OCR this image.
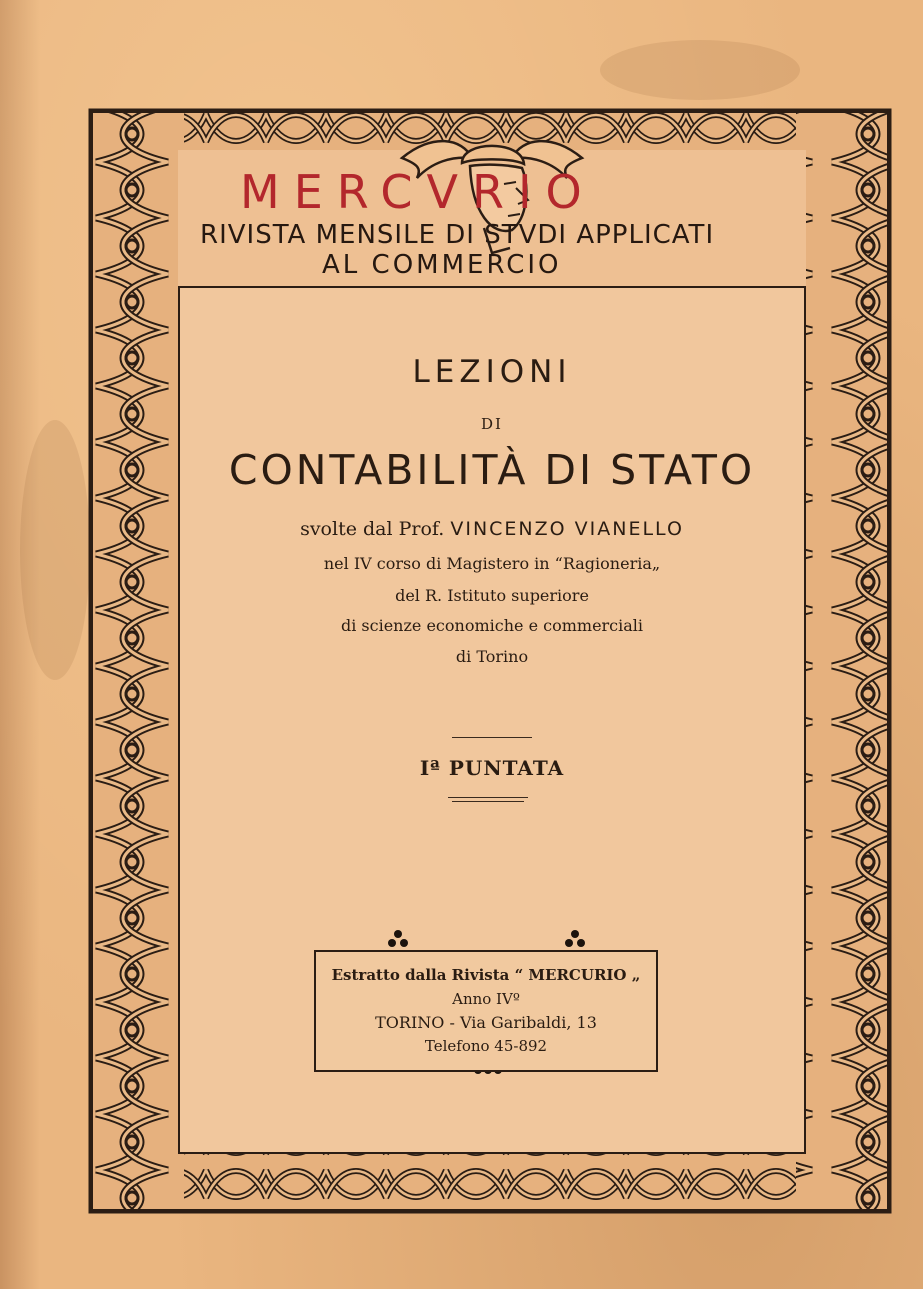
MERCVRIO
RIVISTA MENSILE DI STVDI APPLICATI
AL COMMERCIO
LEZIONI
DI
CONTABILITÀ DI STATO
svolte dal Prof. VINCENZO VIANELLO
nel IV corso di Magistero in “Ragioneria„
del R. Istituto superiore
di scienze economiche e commerciali
di Torino
Iª PUNTATA
Estratto dalla Rivista “ MERCURIO „
Anno IVº
TORINO - Via Garibaldi, 13
Telefono 45-892
